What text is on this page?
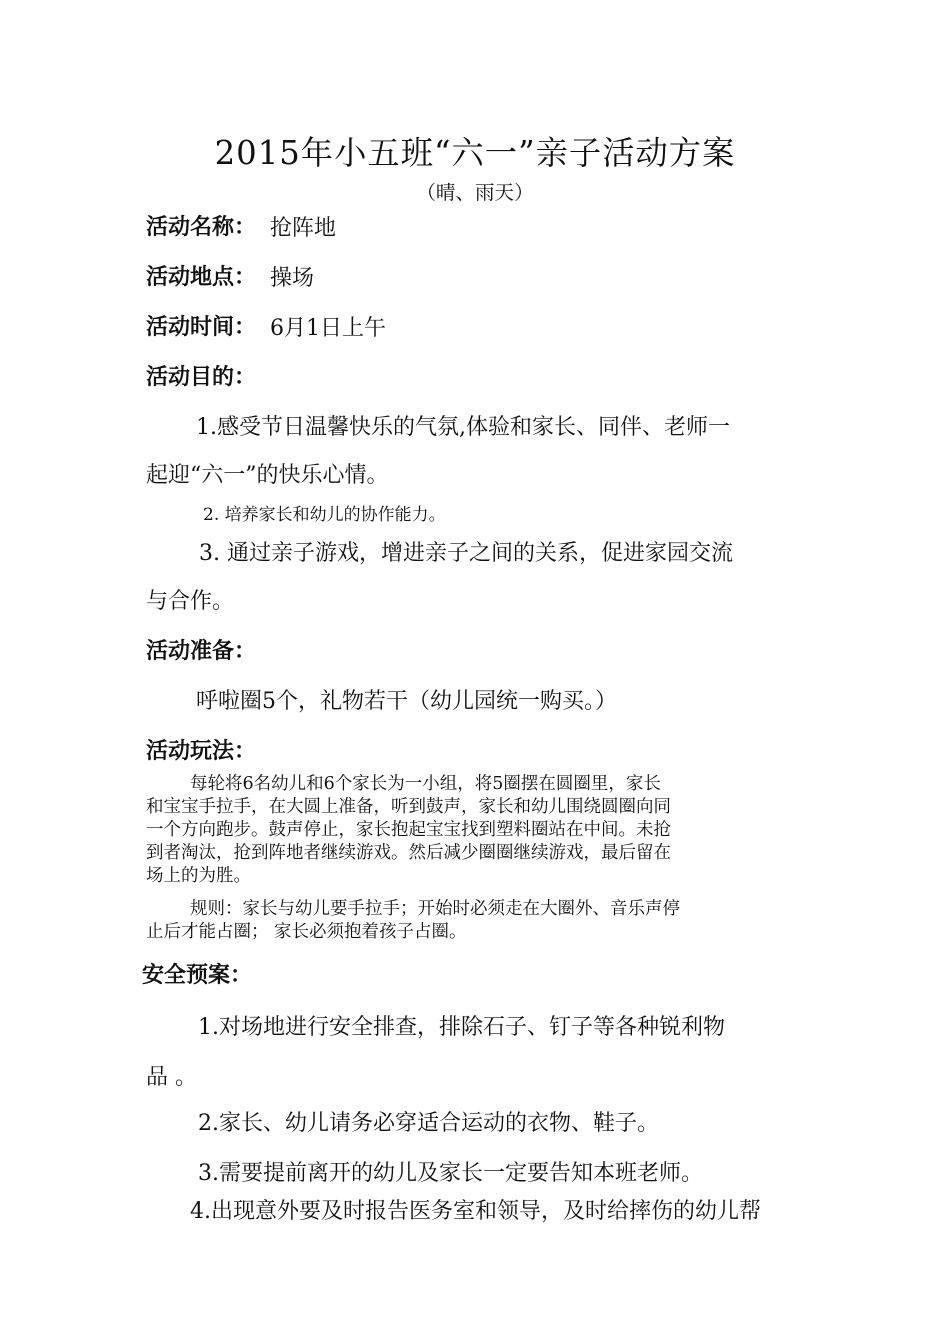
2015年小五班“六一”亲子活动方案
（晴、雨天）
活动名称： 抢阵地
活动地点： 操场
活动时间： 6月1日上午
活动目的：
1.感受节日温馨快乐的气氛,体验和家长、同伴、老师一
起迎“六一”的快乐心情。
2. 培养家长和幼儿的协作能力。
3. 通过亲子游戏，增进亲子之间的关系，促进家园交流
与合作。
活动准备：
呼啦圈5个，礼物若干（幼儿园统一购买。）
活动玩法：
每轮将6名幼儿和6个家长为一小组，将5圈摆在圆圈里，家长
和宝宝手拉手，在大圆上准备，听到鼓声，家长和幼儿围绕圆圈向同
一个方向跑步。鼓声停止，家长抱起宝宝找到塑料圈站在中间。未抢
到者淘汰，抢到阵地者继续游戏。然后减少圈圈继续游戏，最后留在
场上的为胜。
规则：家长与幼儿要手拉手；开始时必须走在大圈外、音乐声停
止后才能占圈； 家长必须抱着孩子占圈。
安全预案：
1.对场地进行安全排查，排除石子、钉子等各种锐利物
品 。
2.家长、幼儿请务必穿适合运动的衣物、鞋子。
3.需要提前离开的幼儿及家长一定要告知本班老师。
4.出现意外要及时报告医务室和领导，及时给摔伤的幼儿帮
